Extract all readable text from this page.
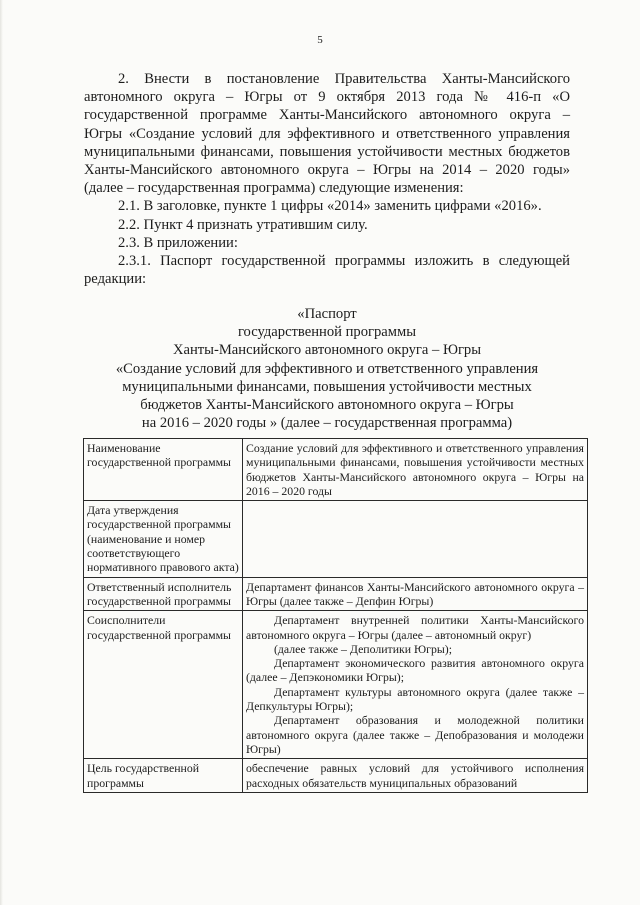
5

2. Внести в постановление Правительства Ханты-Мансийского автономного округа – Югры от 9 октября 2013 года № 416-п «О государственной программе Ханты-Мансийского автономного округа – Югры «Создание условий для эффективного и ответственного управления муниципальными финансами, повышения устойчивости местных бюджетов Ханты-Мансийского автономного округа – Югры на 2014 – 2020 годы» (далее – государственная программа) следующие изменения:

2.1. В заголовке, пункте 1 цифры «2014» заменить цифрами «2016».

2.2. Пункт 4 признать утратившим силу.

2.3. В приложении:

2.3.1. Паспорт государственной программы изложить в следующей редакции:

«Паспорт
государственной программы
Ханты-Мансийского автономного округа – Югры
«Создание условий для эффективного и ответственного управления
муниципальными финансами, повышения устойчивости местных
бюджетов Ханты-Мансийского автономного округа – Югры
на 2016 – 2020 годы » (далее – государственная программа)
Наименование государственной программы	Создание условий для эффективного и ответственного управления муниципальными финансами, повышения устойчивости местных бюджетов Ханты-Мансийского автономного округа – Югры на 2016 – 2020 годы

Дата утверждения государственной программы (наименование и номер соответствующего нормативного правового акта)	
Ответственный исполнитель государственной программы	Департамент финансов Ханты-Мансийского автономного округа – Югры (далее также – Депфин Югры)

Соисполнители государственной программы	Департамент внутренней политики Ханты-Мансийского автономного округа – Югры (далее – автономный округ)

(далее также – Деполитики Югры);

Департамент экономического развития автономного округа (далее – Депэкономики Югры);

Департамент культуры автономного округа (далее также – Депкультуры Югры);

Департамент образования и молодежной политики автономного округа (далее также – Депобразования и молодежи Югры)

Цель государственной программы	обеспечение равных условий для устойчивого исполнения расходных обязательств муниципальных образований
